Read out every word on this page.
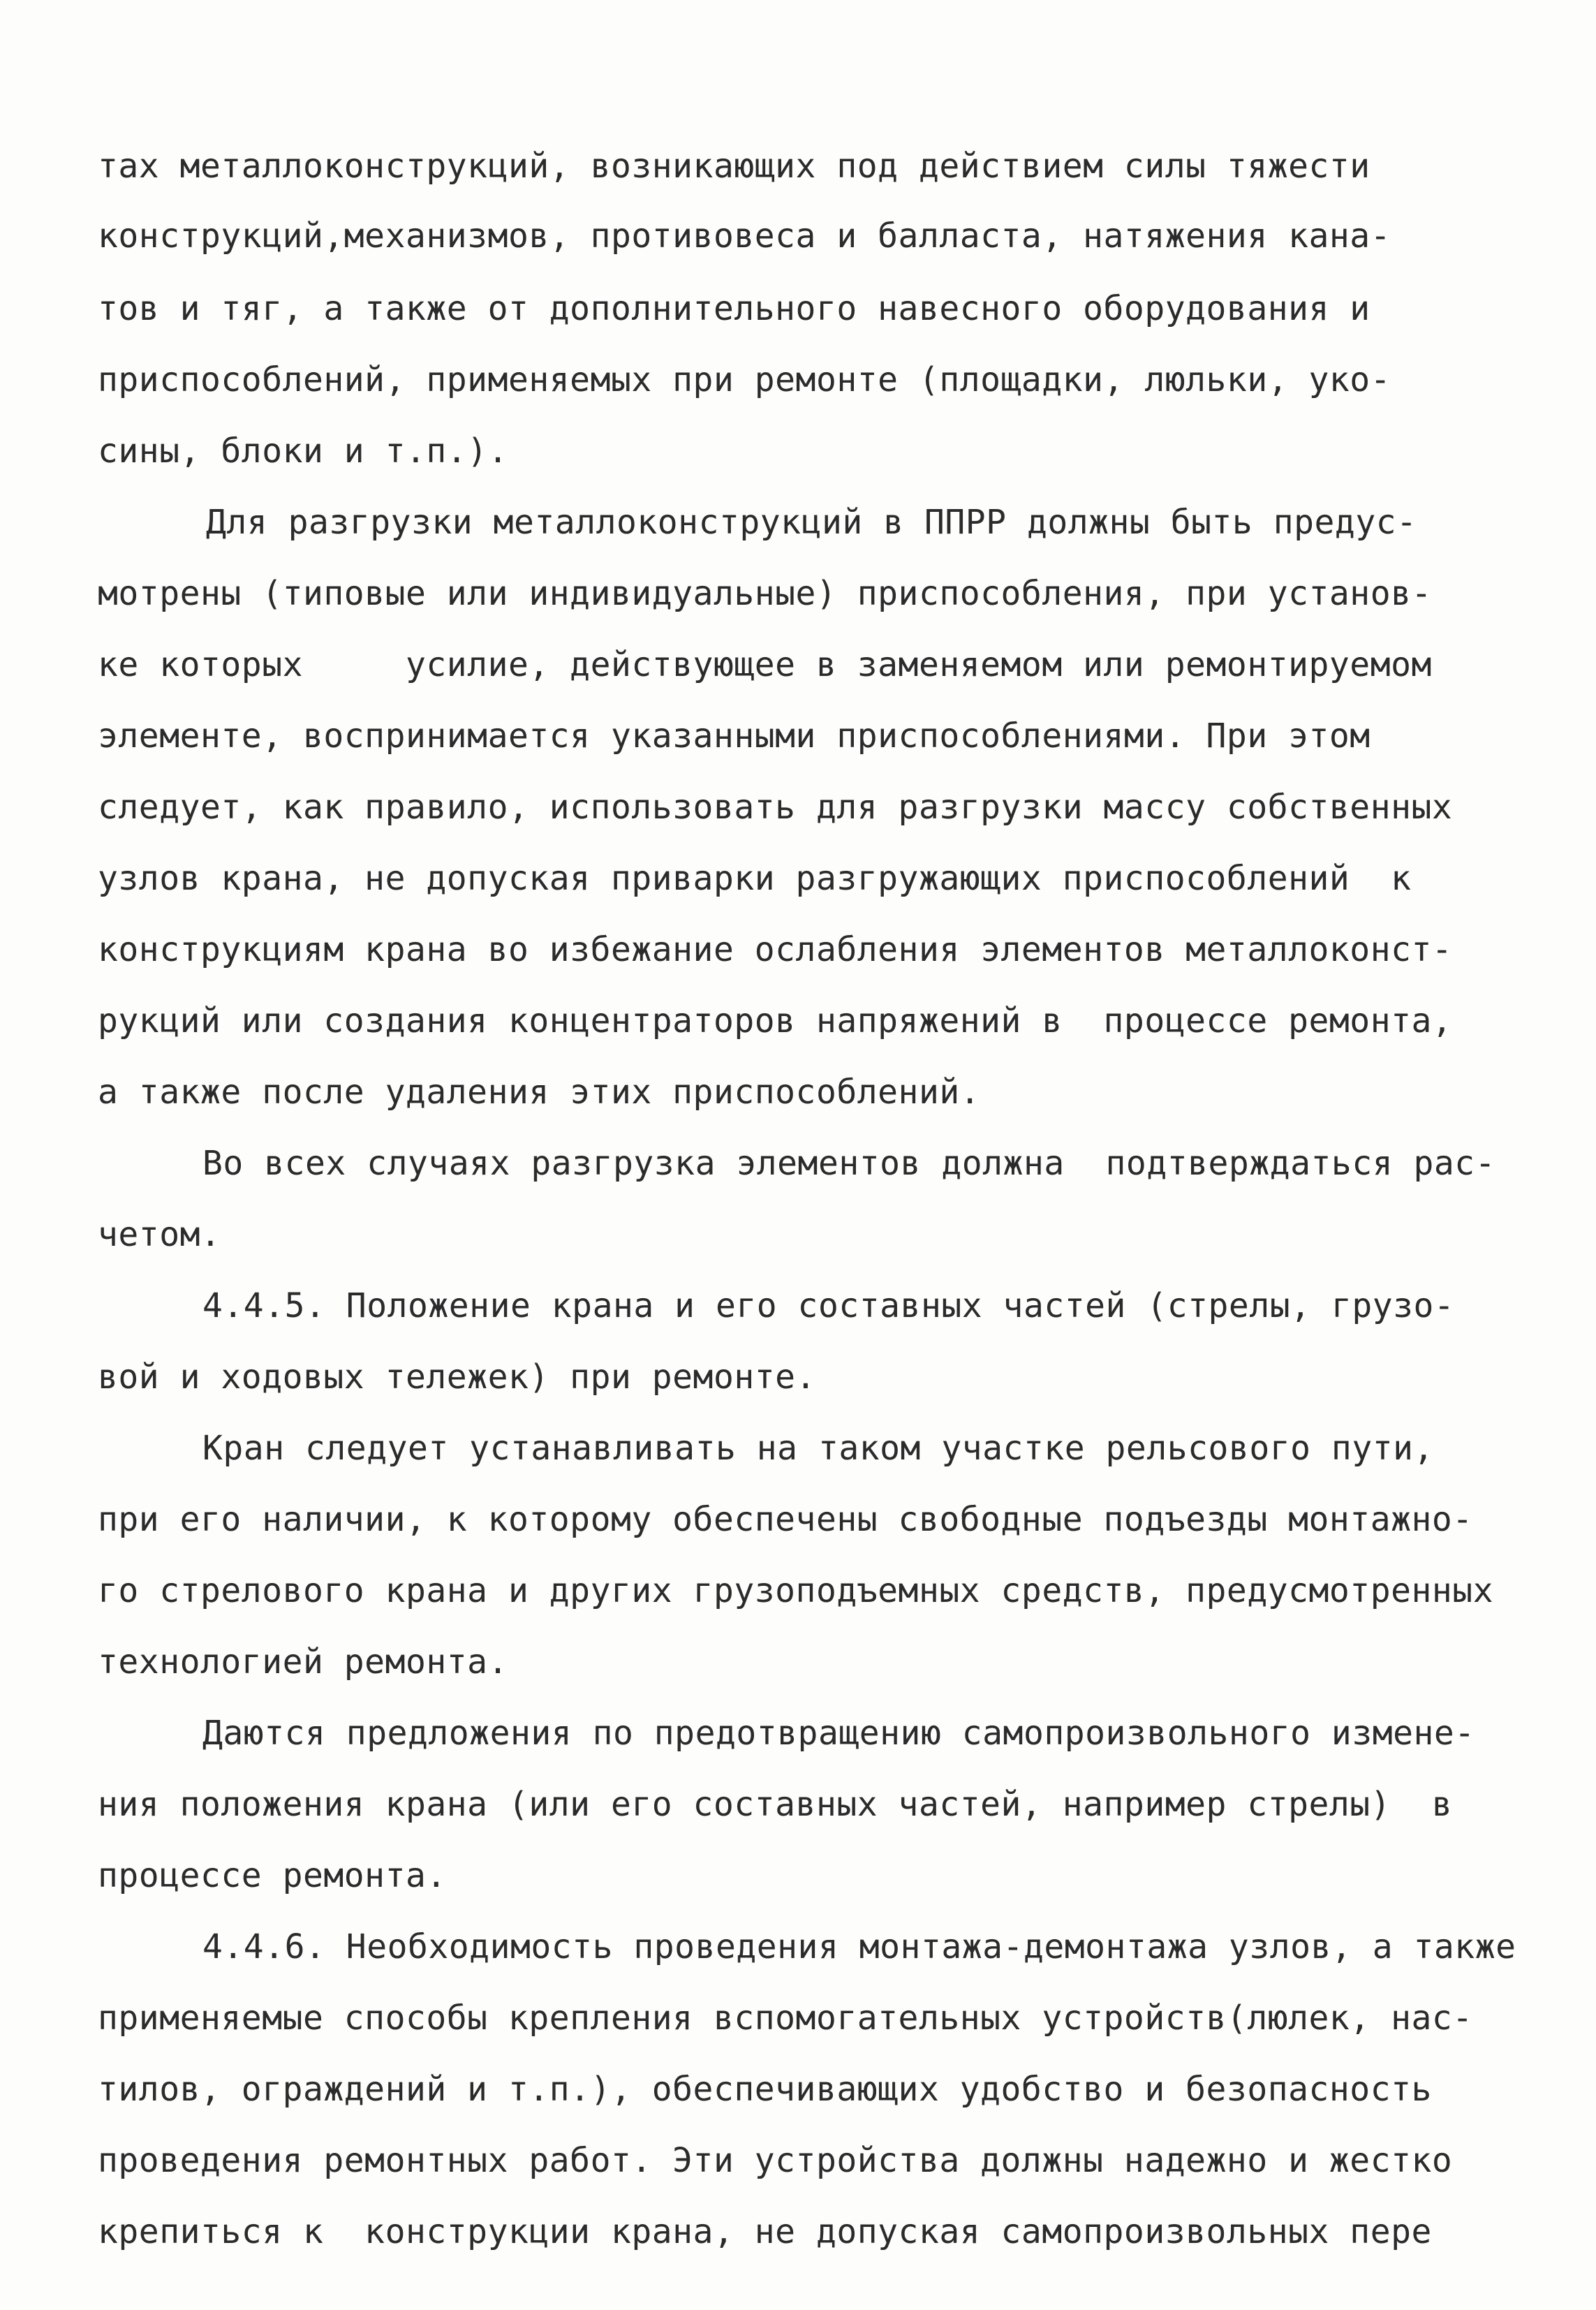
тах металлоконструкций, возникающих под действием силы тяжести
конструкций,механизмов, противовеса и балласта, натяжения кана-
тов и тяг, а также от дополнительного навесного оборудования и
приспособлений, применяемых при ремонте (площадки, люльки, укo-
сины, блоки и т.п.).
Для разгрузки металлоконструкций в ППРР должны быть предус-
мотрены (типовые или индивидуальные) приспособления, при установ-
ке которых     усилие, действующее в заменяемом или ремонтируемом
элементе, воспринимается указанными приспособлениями. При этом
следует, как правило, использовать для разгрузки массу собственных
узлов крана, не допуская приварки разгружающих приспособлений  к
конструкциям крана во избежание ослабления элементов металлоконст-
рукций или создания концентраторов напряжений в  процессе ремонта,
а также после удаления этих приспособлений.
Во всех случаях разгрузка элементов должна  подтверждаться рас-
четом.
4.4.5. Положение крана и его составных частей (стрелы, грузо-
вой и ходовых тележек) при ремонте.
Кран следует устанавливать на таком участке рельсового пути,
при его наличии, к которому обеспечены свободные подъезды монтажно-
го стрелового крана и других грузоподъемных средств, предусмотренных
технологией ремонта.
Даются предложения по предотвращению самопроизвольного измене-
ния положения крана (или его составных частей, например стрелы)  в
процессе ремонта.
4.4.6. Необходимость проведения монтажа-демонтажа узлов, а также
применяемые способы крепления вспомогательных устройств(люлек, нас-
тилов, ограждений и т.п.), обеспечивающих удобство и безопасность
проведения ремонтных работ. Эти устройства должны надежно и жестко
крепиться к  конструкции крана, не допуская самопроизвольных пере
